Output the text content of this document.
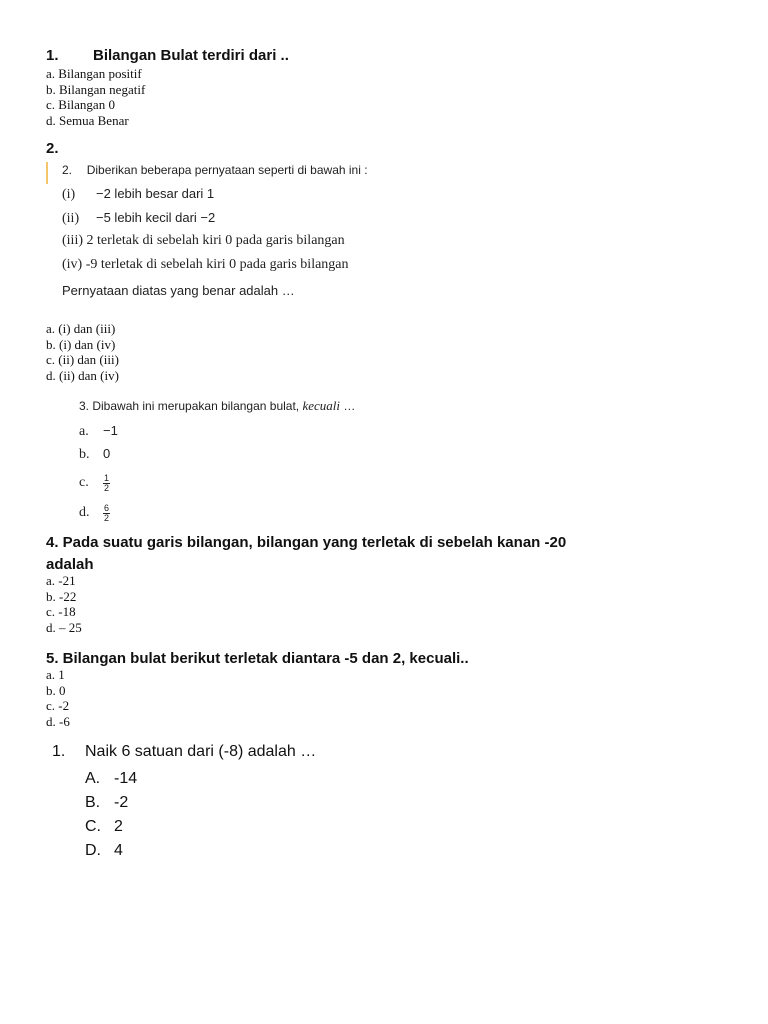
1. Bilangan Bulat terdiri dari ..
a. Bilangan positif
b. Bilangan negatif
c. Bilangan 0
d. Semua Benar
2.
2. Diberikan beberapa pernyataan seperti di bawah ini :
(i) −2 lebih besar dari 1
(ii) −5 lebih kecil dari −2
(iii) 2 terletak di sebelah kiri 0 pada garis bilangan
(iv) -9 terletak di sebelah kiri 0 pada garis bilangan
Pernyataan diatas yang benar adalah …
a. (i) dan (iii)
b. (i) dan (iv)
c. (ii) dan (iii)
d. (ii) dan (iv)
3. Dibawah ini merupakan bilangan bulat, kecuali …
a. −1
b. 0
c.	$\frac{1}{2}$
d.	$\frac{6}{2}$
4. Pada suatu garis bilangan, bilangan yang terletak di sebelah kanan -20
adalah
a. -21
b. -22
c. -18
d. – 25
5. Bilangan bulat berikut terletak diantara -5 dan 2, kecuali..
a. 1
b. 0
c. -2
d. -6
1. Naik 6 satuan dari (-8) adalah …
A. -14
B. -2
C. 2
D. 4
